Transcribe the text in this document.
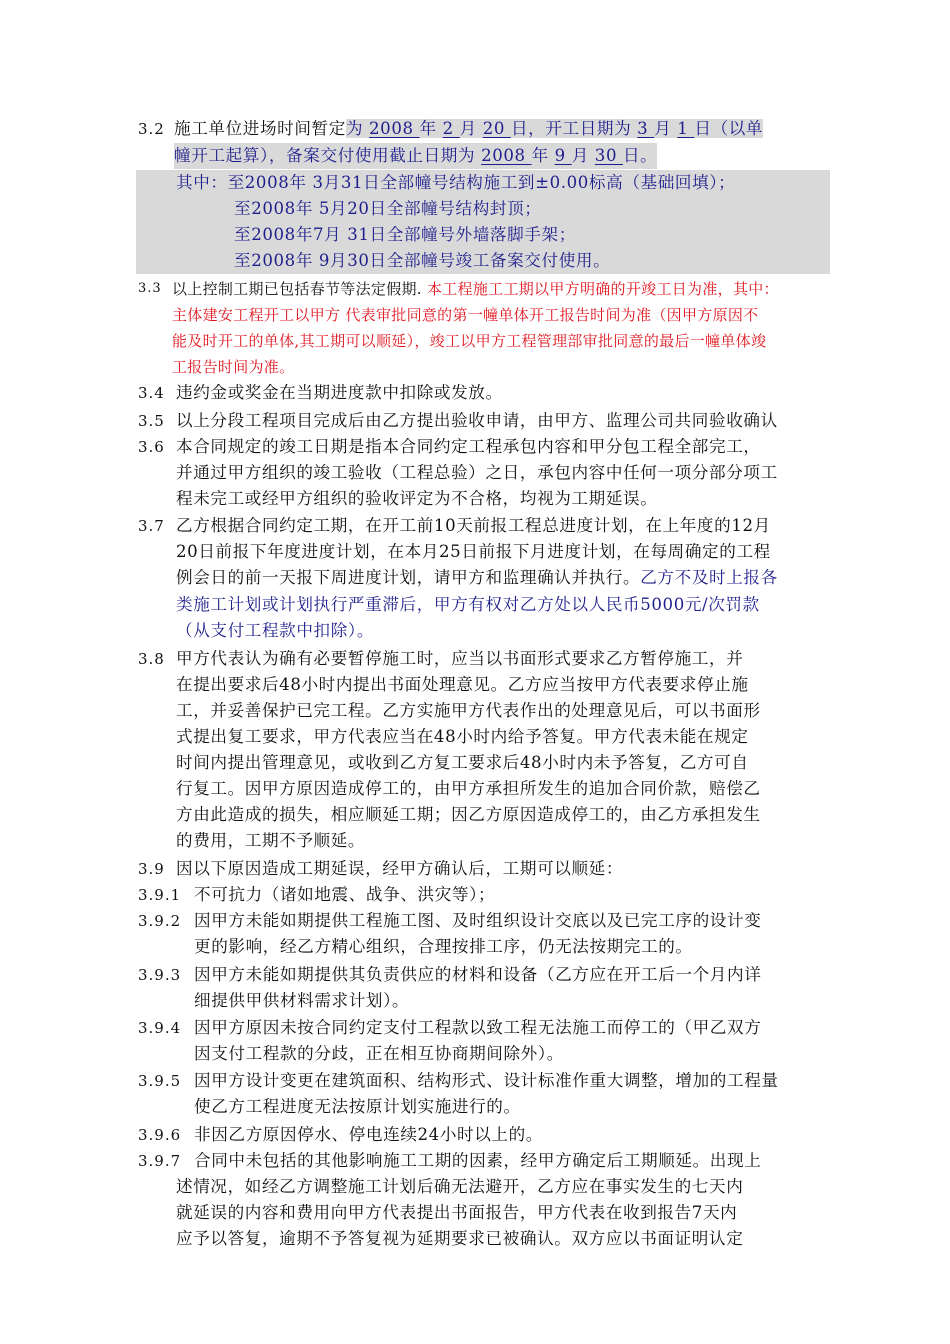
3.2 施工单位进场时间暂定为 2008 年 2 月 20 日，开工日期为 3 月 1 日（以单
幢开工起算），备案交付使用截止日期为 2008 年 9 月 30 日。
其中：至2008年 3月31日全部幢号结构施工到±0.00标高（基础回填）；
至2008年 5月20日全部幢号结构封顶；
至2008年7月 31日全部幢号外墙落脚手架；
至2008年 9月30日全部幢号竣工备案交付使用。
3.3 以上控制工期已包括春节等法定假期. 本工程施工工期以甲方明确的开竣工日为准，其中：
主体建安工程开工以甲方 代表审批同意的第一幢单体开工报告时间为准（因甲方原因不
能及时开工的单体,其工期可以顺延），竣工以甲方工程管理部审批同意的最后一幢单体竣
工报告时间为准。
3.4 违约金或奖金在当期进度款中扣除或发放。
3.5 以上分段工程项目完成后由乙方提出验收申请，由甲方、监理公司共同验收确认
3.6 本合同规定的竣工日期是指本合同约定工程承包内容和甲分包工程全部完工，
并通过甲方组织的竣工验收（工程总验）之日，承包内容中任何一项分部分项工
程未完工或经甲方组织的验收评定为不合格，均视为工期延误。
3.7 乙方根据合同约定工期，在开工前10天前报工程总进度计划，在上年度的12月
20日前报下年度进度计划，在本月25日前报下月进度计划，在每周确定的工程
例会日的前一天报下周进度计划，请甲方和监理确认并执行。乙方不及时上报各
类施工计划或计划执行严重滞后，甲方有权对乙方处以人民币5000元/次罚款
（从支付工程款中扣除）。
3.8 甲方代表认为确有必要暂停施工时，应当以书面形式要求乙方暂停施工，并
在提出要求后48小时内提出书面处理意见。乙方应当按甲方代表要求停止施
工，并妥善保护已完工程。乙方实施甲方代表作出的处理意见后，可以书面形
式提出复工要求，甲方代表应当在48小时内给予答复。甲方代表未能在规定
时间内提出管理意见，或收到乙方复工要求后48小时内未予答复，乙方可自
行复工。因甲方原因造成停工的，由甲方承担所发生的追加合同价款，赔偿乙
方由此造成的损失，相应顺延工期；因乙方原因造成停工的，由乙方承担发生
的费用，工期不予顺延。
3.9 因以下原因造成工期延误，经甲方确认后，工期可以顺延：
3.9.1 不可抗力（诸如地震、战争、洪灾等）；
3.9.2 因甲方未能如期提供工程施工图、及时组织设计交底以及已完工序的设计变
更的影响，经乙方精心组织，合理按排工序，仍无法按期完工的。
3.9.3 因甲方未能如期提供其负责供应的材料和设备（乙方应在开工后一个月内详
细提供甲供材料需求计划）。
3.9.4 因甲方原因未按合同约定支付工程款以致工程无法施工而停工的（甲乙双方
因支付工程款的分歧，正在相互协商期间除外）。
3.9.5 因甲方设计变更在建筑面积、结构形式、设计标准作重大调整，增加的工程量
使乙方工程进度无法按原计划实施进行的。
3.9.6 非因乙方原因停水、停电连续24小时以上的。
3.9.7 合同中未包括的其他影响施工工期的因素，经甲方确定后工期顺延。出现上
述情况，如经乙方调整施工计划后确无法避开，乙方应在事实发生的七天内
就延误的内容和费用向甲方代表提出书面报告，甲方代表在收到报告7天内
应予以答复，逾期不予答复视为延期要求已被确认。双方应以书面证明认定
